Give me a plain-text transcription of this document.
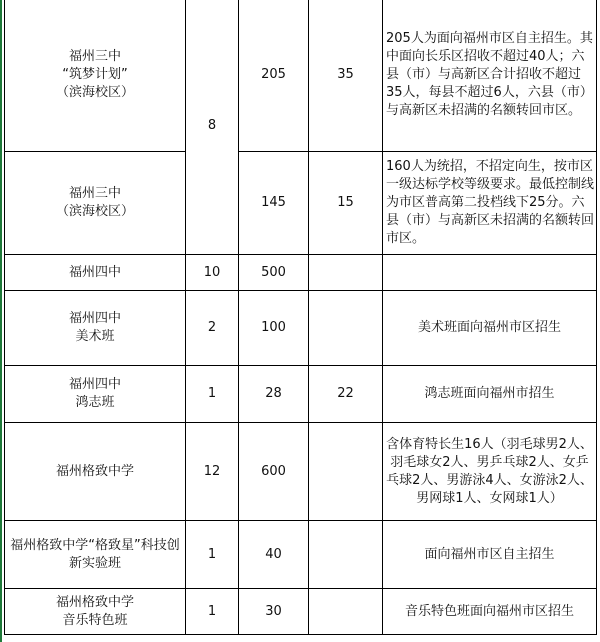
福州三中
“筑梦计划”
（滨海校区）	8	205	35	205人为面向福州市区自主招生。其中面向长乐区招收不超过40人；六县（市）与高新区合计招收不超过35人，每县不超过6人，六县（市）与高新区未招满的名额转回市区。
福州三中
（滨海校区）		145	15	160人为统招，不招定向生，按市区一级达标学校等级要求。最低控制线为市区普高第二投档线下25分。六县（市）与高新区未招满的名额转回市区。
福州四中	10	500		
福州四中
美术班	2	100		美术班面向福州市区招生
福州四中
鸿志班	1	28	22	鸿志班面向福州市招生
福州格致中学	12	600		含体育特长生16人（羽毛球男2人、羽毛球女2人、男乒乓球2人、女乒乓球2人、男游泳4人、女游泳2人、男网球1人、女网球1人）
福州格致中学“格致星”科技创新实验班	1	40		面向福州市区自主招生
福州格致中学
音乐特色班	1	30		音乐特色班面向福州市区招生
